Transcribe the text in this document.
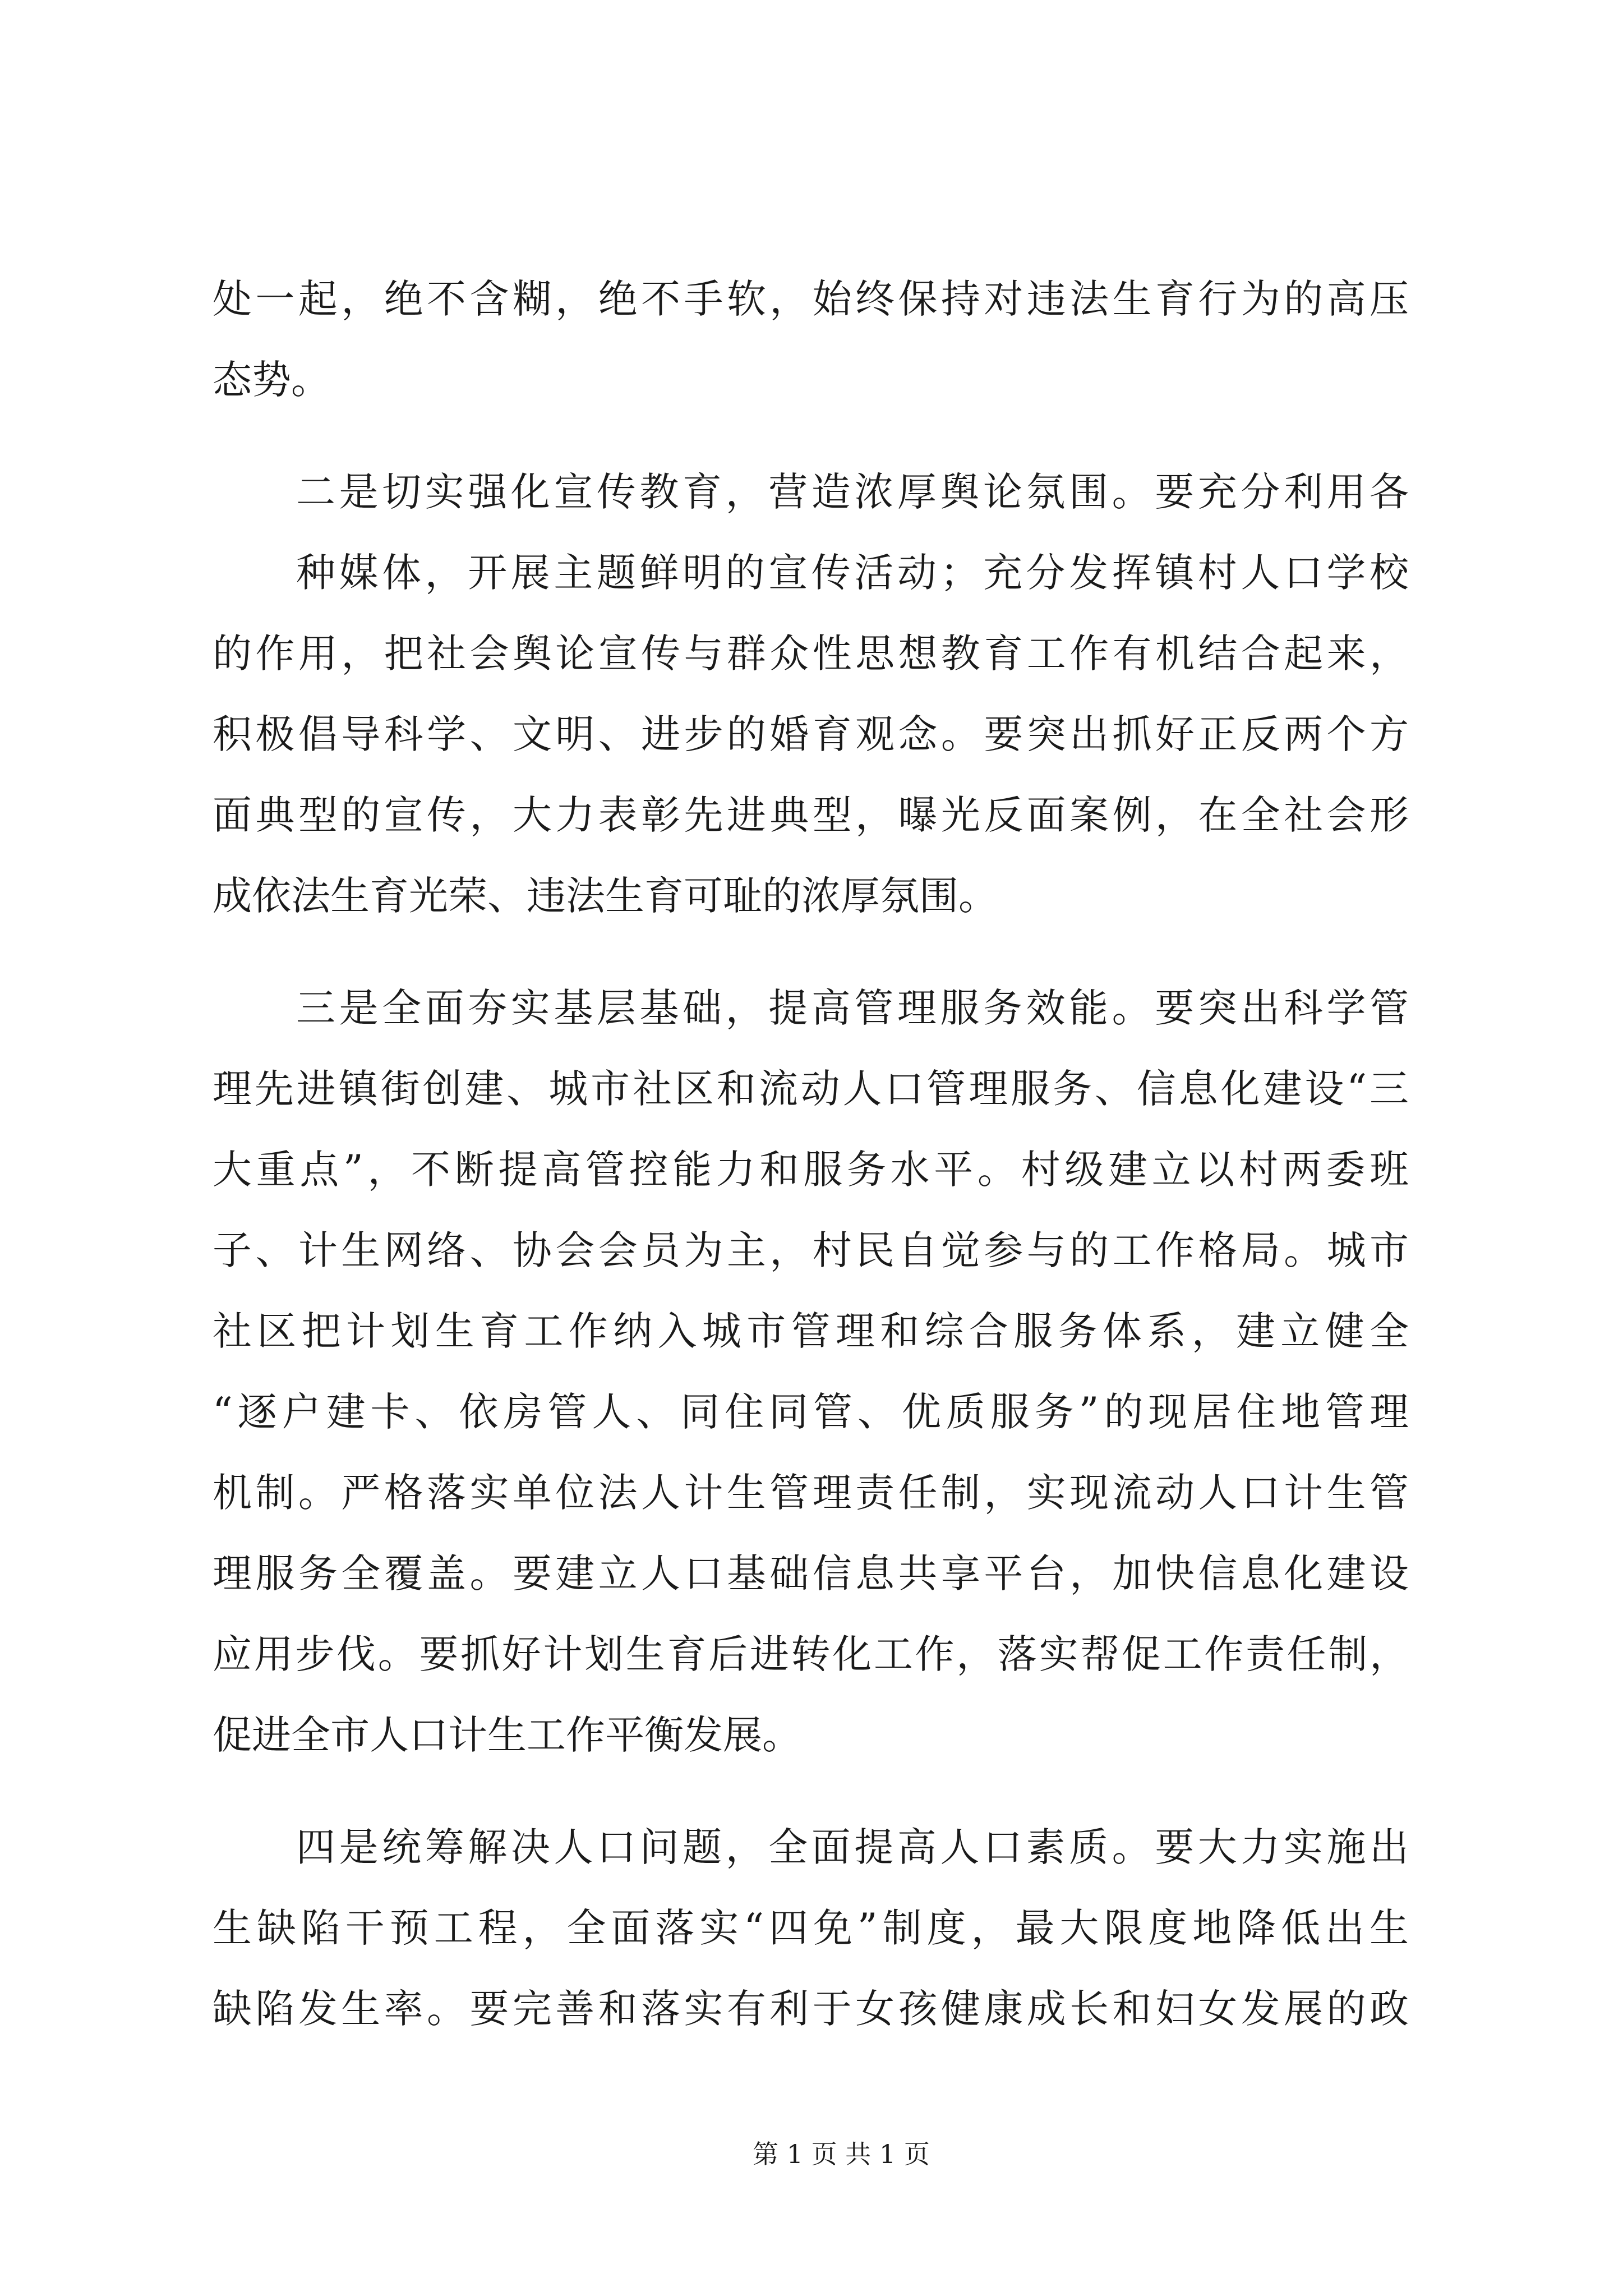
处一起，绝不含糊，绝不手软，始终保持对违法生育行为的高压
态势。
二是切实强化宣传教育，营造浓厚舆论氛围。要充分利用各
种媒体，开展主题鲜明的宣传活动；充分发挥镇村人口学校
的作用，把社会舆论宣传与群众性思想教育工作有机结合起来，
积极倡导科学、文明、进步的婚育观念。要突出抓好正反两个方
面典型的宣传，大力表彰先进典型，曝光反面案例，在全社会形
成依法生育光荣、违法生育可耻的浓厚氛围。
三是全面夯实基层基础，提高管理服务效能。要突出科学管
理先进镇街创建、城市社区和流动人口管理服务、信息化建设“三
大重点”，不断提高管控能力和服务水平。村级建立以村两委班
子、计生网络、协会会员为主，村民自觉参与的工作格局。城市
社区把计划生育工作纳入城市管理和综合服务体系，建立健全
“逐户建卡、依房管人、同住同管、优质服务”的现居住地管理
机制。严格落实单位法人计生管理责任制，实现流动人口计生管
理服务全覆盖。要建立人口基础信息共享平台，加快信息化建设
应用步伐。要抓好计划生育后进转化工作，落实帮促工作责任制，
促进全市人口计生工作平衡发展。
四是统筹解决人口问题，全面提高人口素质。要大力实施出
生缺陷干预工程，全面落实“四免”制度，最大限度地降低出生
缺陷发生率。要完善和落实有利于女孩健康成长和妇女发展的政
第 1 页 共 1 页
